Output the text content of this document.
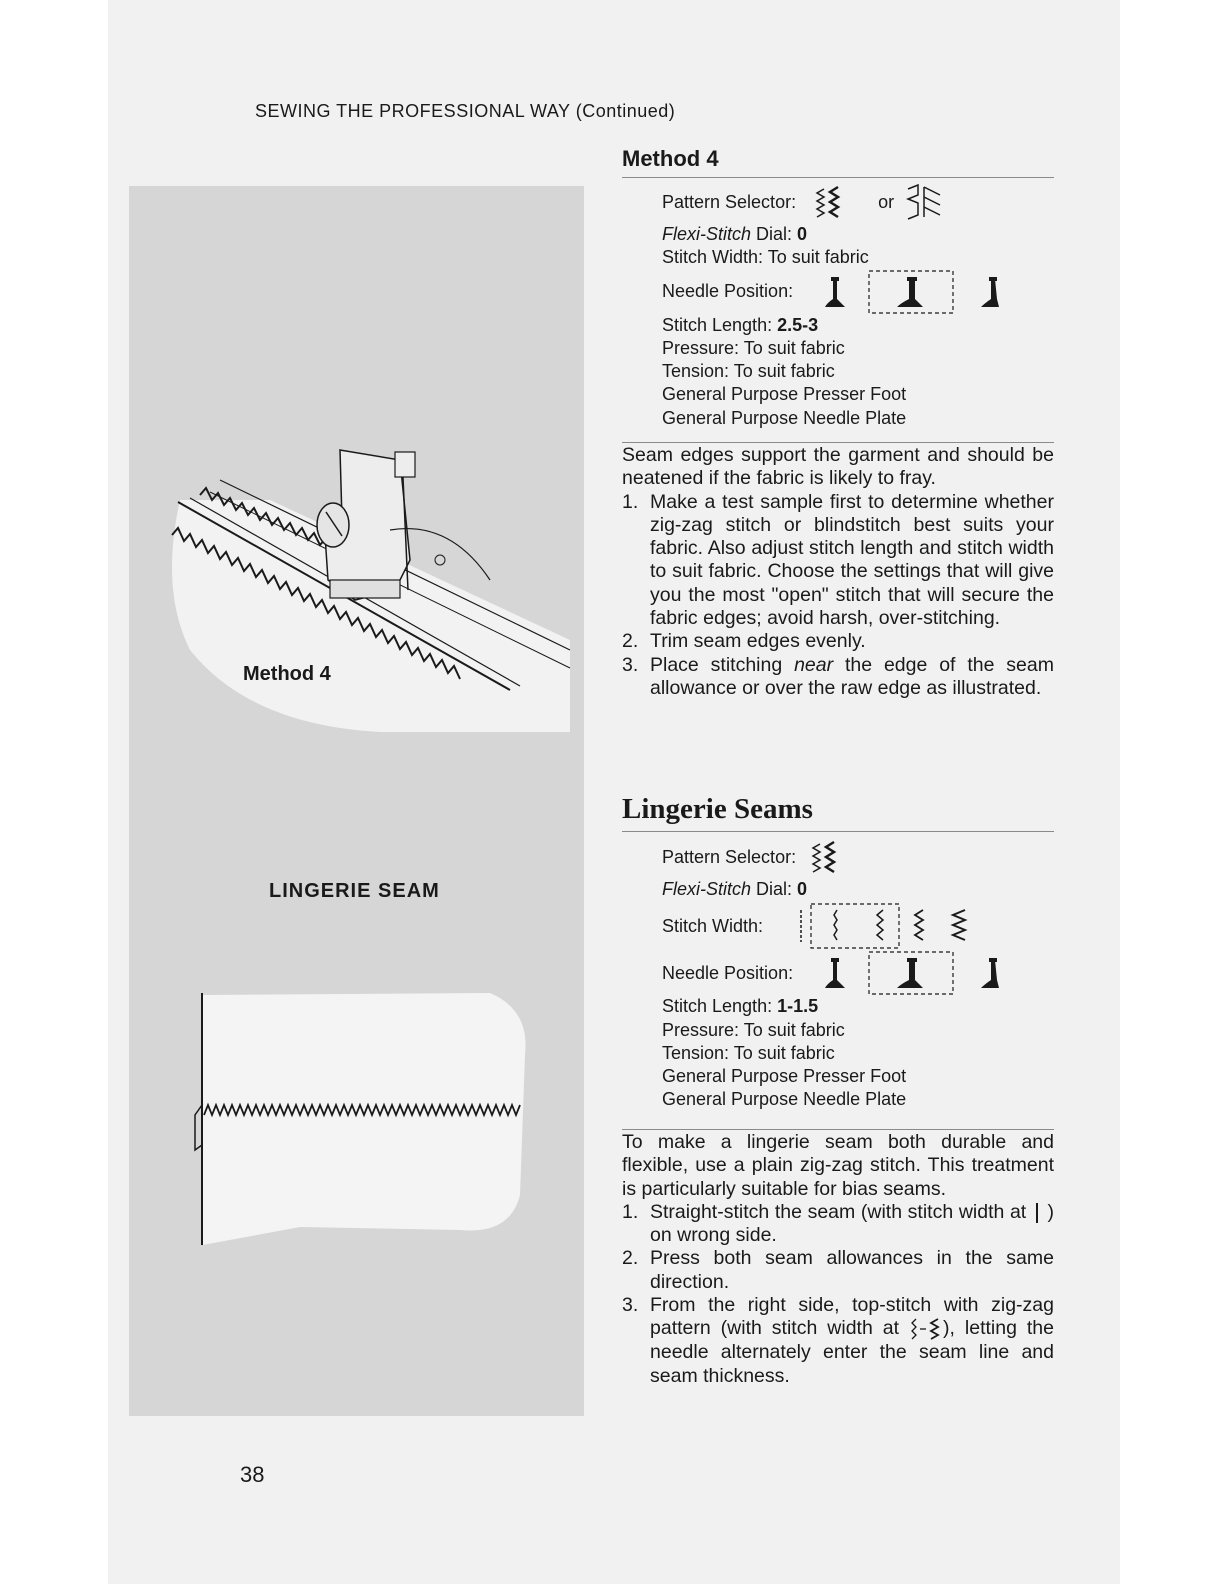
SEWING THE PROFESSIONAL WAY (Continued)
Method 4
LINGERIE SEAM
38
Method 4
Pattern Selector:	or
Flexi-Stitch Dial: 0
Stitch Width: To suit fabric
Needle Position:
Stitch Length: 2.5-3
Pressure: To suit fabric
Tension: To suit fabric
General Purpose Presser Foot
General Purpose Needle Plate

Seam edges support the garment and should be neatened if the fabric is likely to fray.

1. Make a test sample first to determine whether zig-zag stitch or blindstitch best suits your fabric. Also adjust stitch length and stitch width to suit fabric. Choose the settings that will give you the most "open" stitch that will secure the fabric edges; avoid harsh, over-stitching.
2. Trim seam edges evenly.
3. Place stitching near the edge of the seam allowance or over the raw edge as illustrated.
Lingerie Seams
Pattern Selector:
Flexi-Stitch Dial: 0
Stitch Width:
Needle Position:
Stitch Length: 1-1.5
Pressure: To suit fabric
Tension: To suit fabric
General Purpose Presser Foot
General Purpose Needle Plate

To make a lingerie seam both durable and flexible, use a plain zig-zag stitch. This treatment is particularly suitable for bias seams.

1. Straight-stitch the seam (with stitch width at  ) on wrong side.
2. Press both seam allowances in the same direction.
3. From the right side, top-stitch with zig-zag pattern (with stitch width at ), letting the needle alternately enter the seam line and seam thickness.
